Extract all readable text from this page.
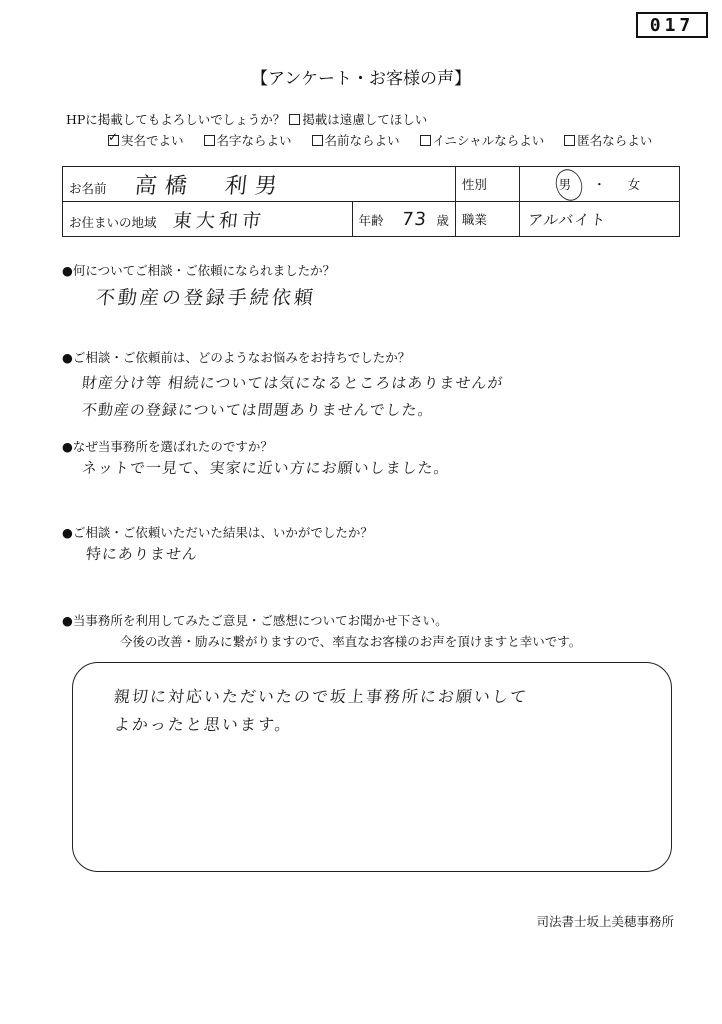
017
【アンケート・お客様の声】
HPに掲載してもよろしいでしょうか？ 掲載は遠慮してほしい
✓実名でよい	名字ならよい	名前ならよい	イニシャルならよい	匿名ならよい
お名前 高橋　利男		性別	男 ・ 女
お住まいの地域 東大和市	年齢 73 歳	職業	アルバイト
●何についてご相談・ご依頼になられましたか？
不動産の登録手続依頼
●ご相談・ご依頼前は、どのようなお悩みをお持ちでしたか？
財産分け等 相続については気になるところはありませんが
不動産の登録については問題ありませんでした。
●なぜ当事務所を選ばれたのですか？
ネットで一見て、実家に近い方にお願いしました。
●ご相談・ご依頼いただいた結果は、いかがでしたか？
特にありません
●当事務所を利用してみたご意見・ご感想についてお聞かせ下さい。
今後の改善・励みに繋がりますので、率直なお客様のお声を頂けますと幸いです。
親切に対応いただいたので坂上事務所にお願いして
よかったと思います。
司法書士坂上美穂事務所
